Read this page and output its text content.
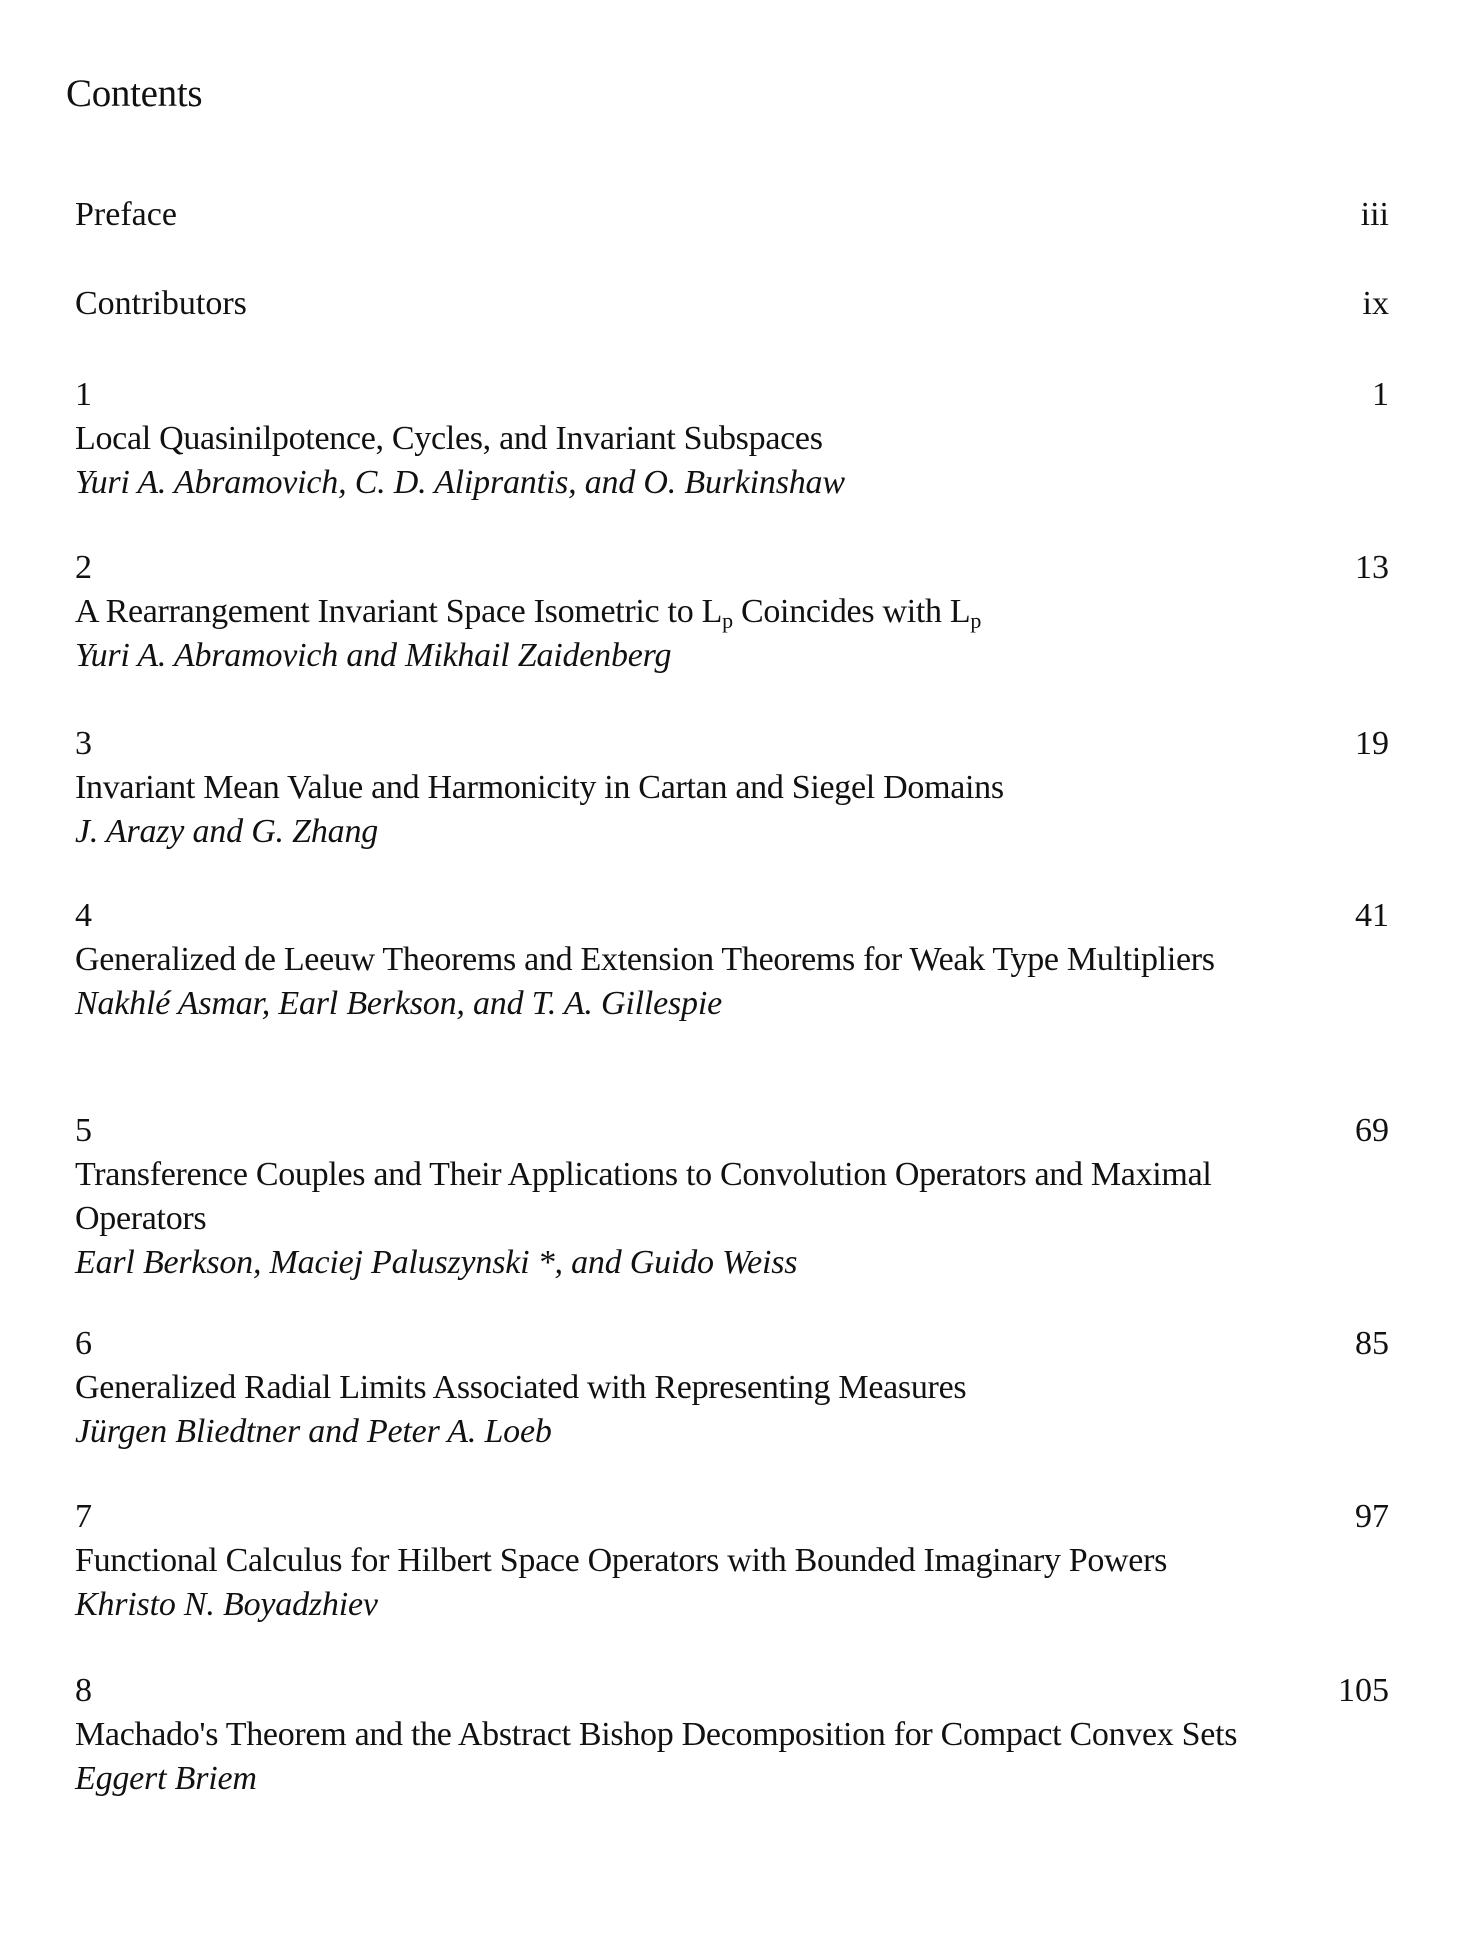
Contents
Preface	iii
Contributors	ix
1	1
Local Quasinilpotence, Cycles, and Invariant Subspaces
Yuri A. Abramovich, C. D. Aliprantis, and O. Burkinshaw
2	13
A Rearrangement Invariant Space Isometric to $L_p$ Coincides with $L_p$
Yuri A. Abramovich and Mikhail Zaidenberg
3	19
Invariant Mean Value and Harmonicity in Cartan and Siegel Domains
J. Arazy and G. Zhang
4	41
Generalized de Leeuw Theorems and Extension Theorems for Weak Type Multipliers
Nakhlé Asmar, Earl Berkson, and T. A. Gillespie
5	69
Transference Couples and Their Applications to Convolution Operators and Maximal Operators
Earl Berkson, Maciej Paluszynski *, and Guido Weiss
6	85
Generalized Radial Limits Associated with Representing Measures
Jürgen Bliedtner and Peter A. Loeb
7	97
Functional Calculus for Hilbert Space Operators with Bounded Imaginary Powers
Khristo N. Boyadzhiev
8	105
Machado's Theorem and the Abstract Bishop Decomposition for Compact Convex Sets
Eggert Briem
